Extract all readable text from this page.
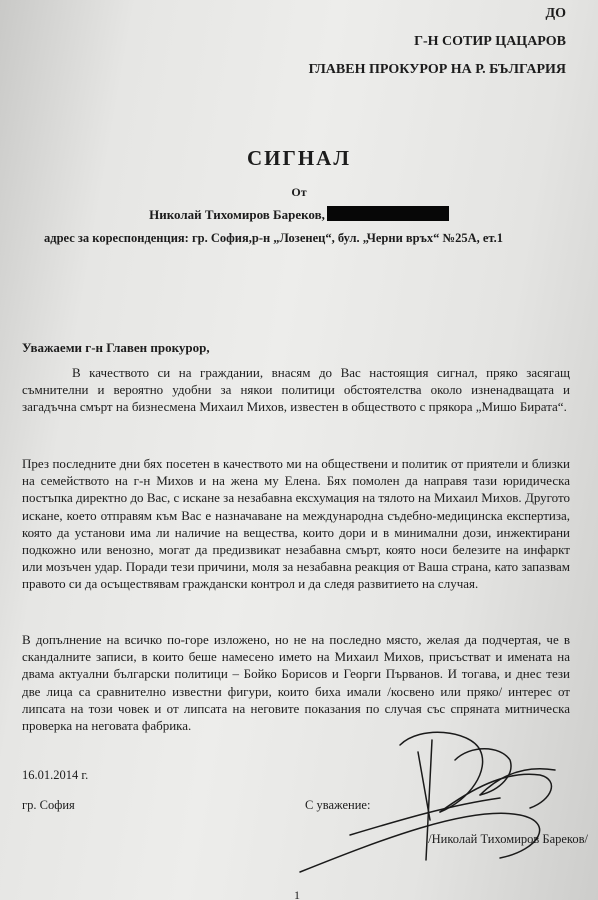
ДО
Г-Н СОТИР ЦАЦАРОВ
ГЛАВЕН ПРОКУРОР НА Р. БЪЛГАРИЯ
СИГНАЛ
От
Николай Тихомиров Бареков,
адрес за кореспонденция: гр. София,р-н „Лозенец“, бул. „Черни връх“ №25А, ет.1
Уважаеми г-н Главен прокурор,
В качеството си на граждании, внасям до Вас настоящия сигнал, пряко засягащ съмнителни и вероятно удобни за някои политици обстоятелства около изненадващата и загадъчна смърт на бизнесмена Михаил Михов, известен в обществото с прякора „Мишо Бирата“.
През последните дни бях посетен в качеството ми на обществени и политик от приятели и близки на семейството на г-н Михов и на жена му Елена. Бях помолен да направя тази юридическа постъпка директно до Вас, с искане за незабавна ексхумация на тялото на Михаил Михов. Другото искане, което отправям към Вас е назначаване на международна съдебно-медицинска експертиза, която да установи има ли наличие на вещества, които дори и в минимални дози, инжектирани подкожно или венозно, могат да предизвикат незабавна смърт, която носи белезите на инфаркт или мозъчен удар. Поради тези причини, моля за незабавна реакция от Ваша страна, като запазвам правото си да осъществявам граждански контрол и да следя развитието на случая.
В допълнение на всичко по-горе изложено, но не на последно място, желая да подчертая, че в скандалните записи, в които беше намесено името на Михаил Михов, присъстват и имената на двама актуални български политици – Бойко Борисов и Георги Първанов. И тогава, и днес тези две лица са сравнително известни фигури, които биха имали /косвено или пряко/ интерес от липсата на този човек и от липсата на неговите показания по случая със спряната митническа проверка на неговата фабрика.
16.01.2014 г.
гр. София	С уважение:
/Николай Тихомиров Бареков/
1
